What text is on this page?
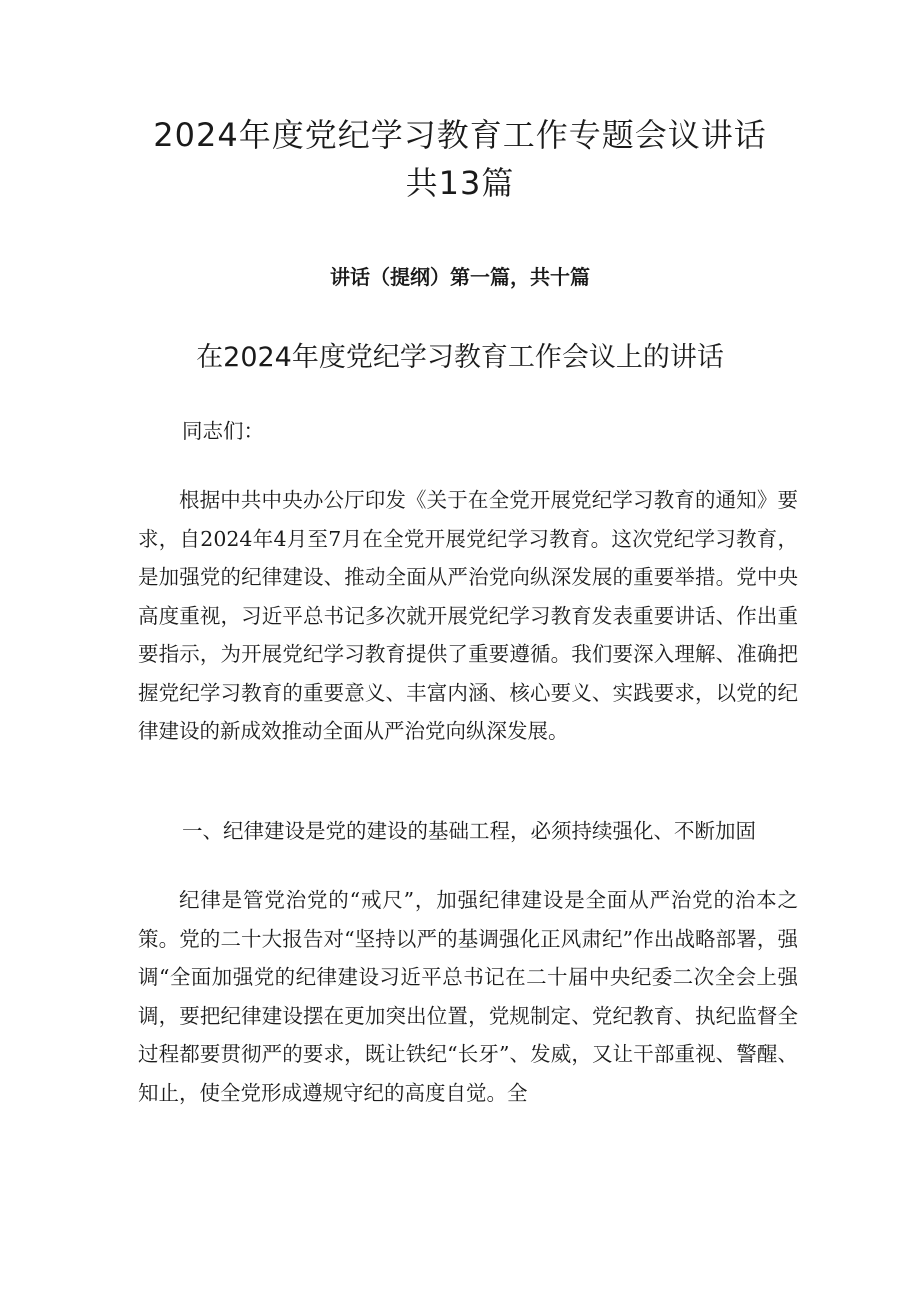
2024年度党纪学习教育工作专题会议讲话
共13篇

讲话（提纲）第一篇，共十篇

在2024年度党纪学习教育工作会议上的讲话

同志们：

根据中共中央办公厅印发《关于在全党开展党纪学习教育的通知》要求，自2024年4月至7月在全党开展党纪学习教育。这次党纪学习教育，是加强党的纪律建设、推动全面从严治党向纵深发展的重要举措。党中央高度重视，习近平总书记多次就开展党纪学习教育发表重要讲话、作出重要指示，为开展党纪学习教育提供了重要遵循。我们要深入理解、准确把握党纪学习教育的重要意义、丰富内涵、核心要义、实践要求，以党的纪律建设的新成效推动全面从严治党向纵深发展。

一、纪律建设是党的建设的基础工程，必须持续强化、不断加固

纪律是管党治党的“戒尺”，加强纪律建设是全面从严治党的治本之策。党的二十大报告对“坚持以严的基调强化正风肃纪”作出战略部署，强调“全面加强党的纪律建设习近平总书记在二十届中央纪委二次全会上强调，要把纪律建设摆在更加突出位置，党规制定、党纪教育、执纪监督全过程都要贯彻严的要求，既让铁纪“长牙”、发威，又让干部重视、警醒、知止，使全党形成遵规守纪的高度自觉。全
